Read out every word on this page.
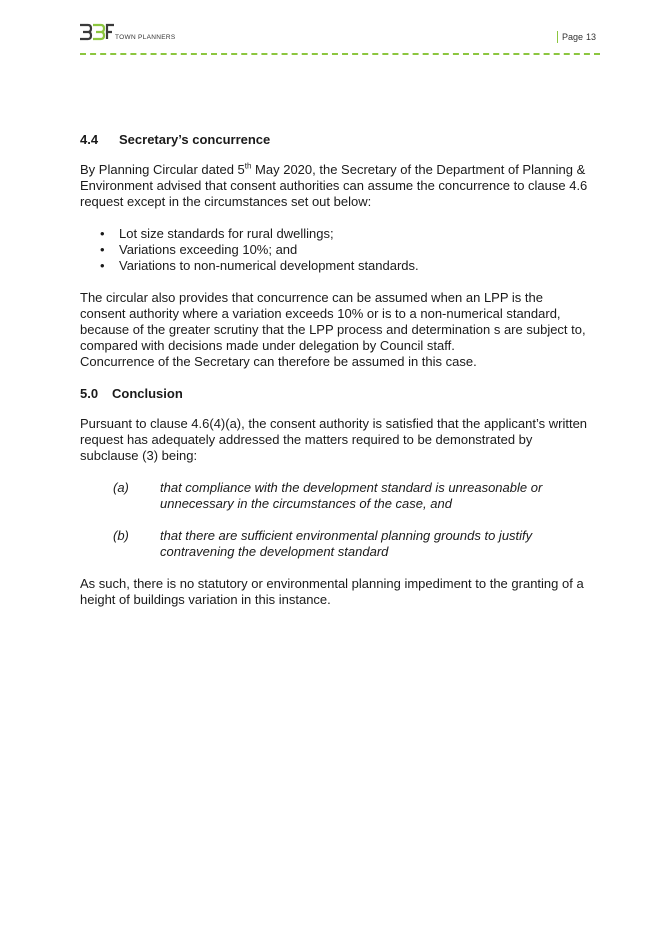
TOWN PLANNERS	Page 13
4.4	Secretary’s concurrence

By Planning Circular dated 5th May 2020, the Secretary of the Department of Planning & Environment advised that consent authorities can assume the concurrence to clause 4.6 request except in the circumstances set out below:

• Lot size standards for rural dwellings;
• Variations exceeding 10%; and
• Variations to non-numerical development standards.

The circular also provides that concurrence can be assumed when an LPP is the consent authority where a variation exceeds 10% or is to a non-numerical standard, because of the greater scrutiny that the LPP process and determination s are subject to, compared with decisions made under delegation by Council staff.

Concurrence of the Secretary can therefore be assumed in this case.

5.0	Conclusion

Pursuant to clause 4.6(4)(a), the consent authority is satisfied that the applicant’s written request has adequately addressed the matters required to be demonstrated by subclause (3) being:

(a)	that compliance with the development standard is unreasonable or unnecessary in the circumstances of the case, and
(b)	that there are sufficient environmental planning grounds to justify contravening the development standard

As such, there is no statutory or environmental planning impediment to the granting of a height of buildings variation in this instance.
